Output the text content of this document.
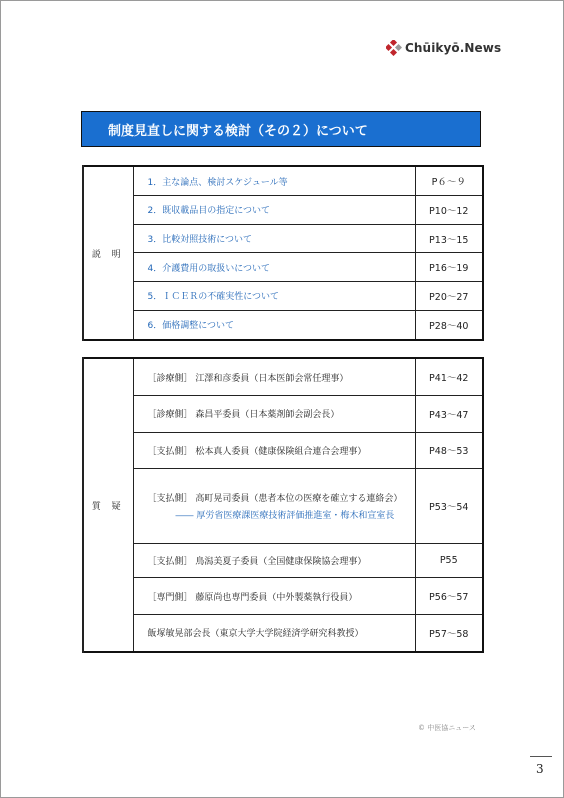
Chūikyō.News
制度見直しに関する検討（その２）について
説 明	1．主な論点、検討スケジュール等	P６～９
	2．既収載品目の指定について	P10～12
	3．比較対照技術について	P13～15
	4．介護費用の取扱いについて	P16～19
	5．ＩＣＥＲの不確実性について	P20～27
	6．価格調整について	P28～40
質 疑	［診療側］ 江澤和彦委員（日本医師会常任理事）	P41～42
	［診療側］ 森昌平委員（日本薬剤師会副会長）	P43～47
	［支払側］ 松本真人委員（健康保険組合連合会理事）	P48～53
	［支払側］ 高町晃司委員（患者本位の医療を確立する連絡会）
―― 厚労省医療課医療技術評価推進室・梅木和宣室長	P53～54
	［支払側］ 鳥潟美夏子委員（全国健康保険協会理事）	P55
	［専門側］ 藤原尚也専門委員（中外製薬執行役員）	P56～57
	飯塚敏晃部会長（東京大学大学院経済学研究科教授）	P57～58
© 中医協ニュース
3
